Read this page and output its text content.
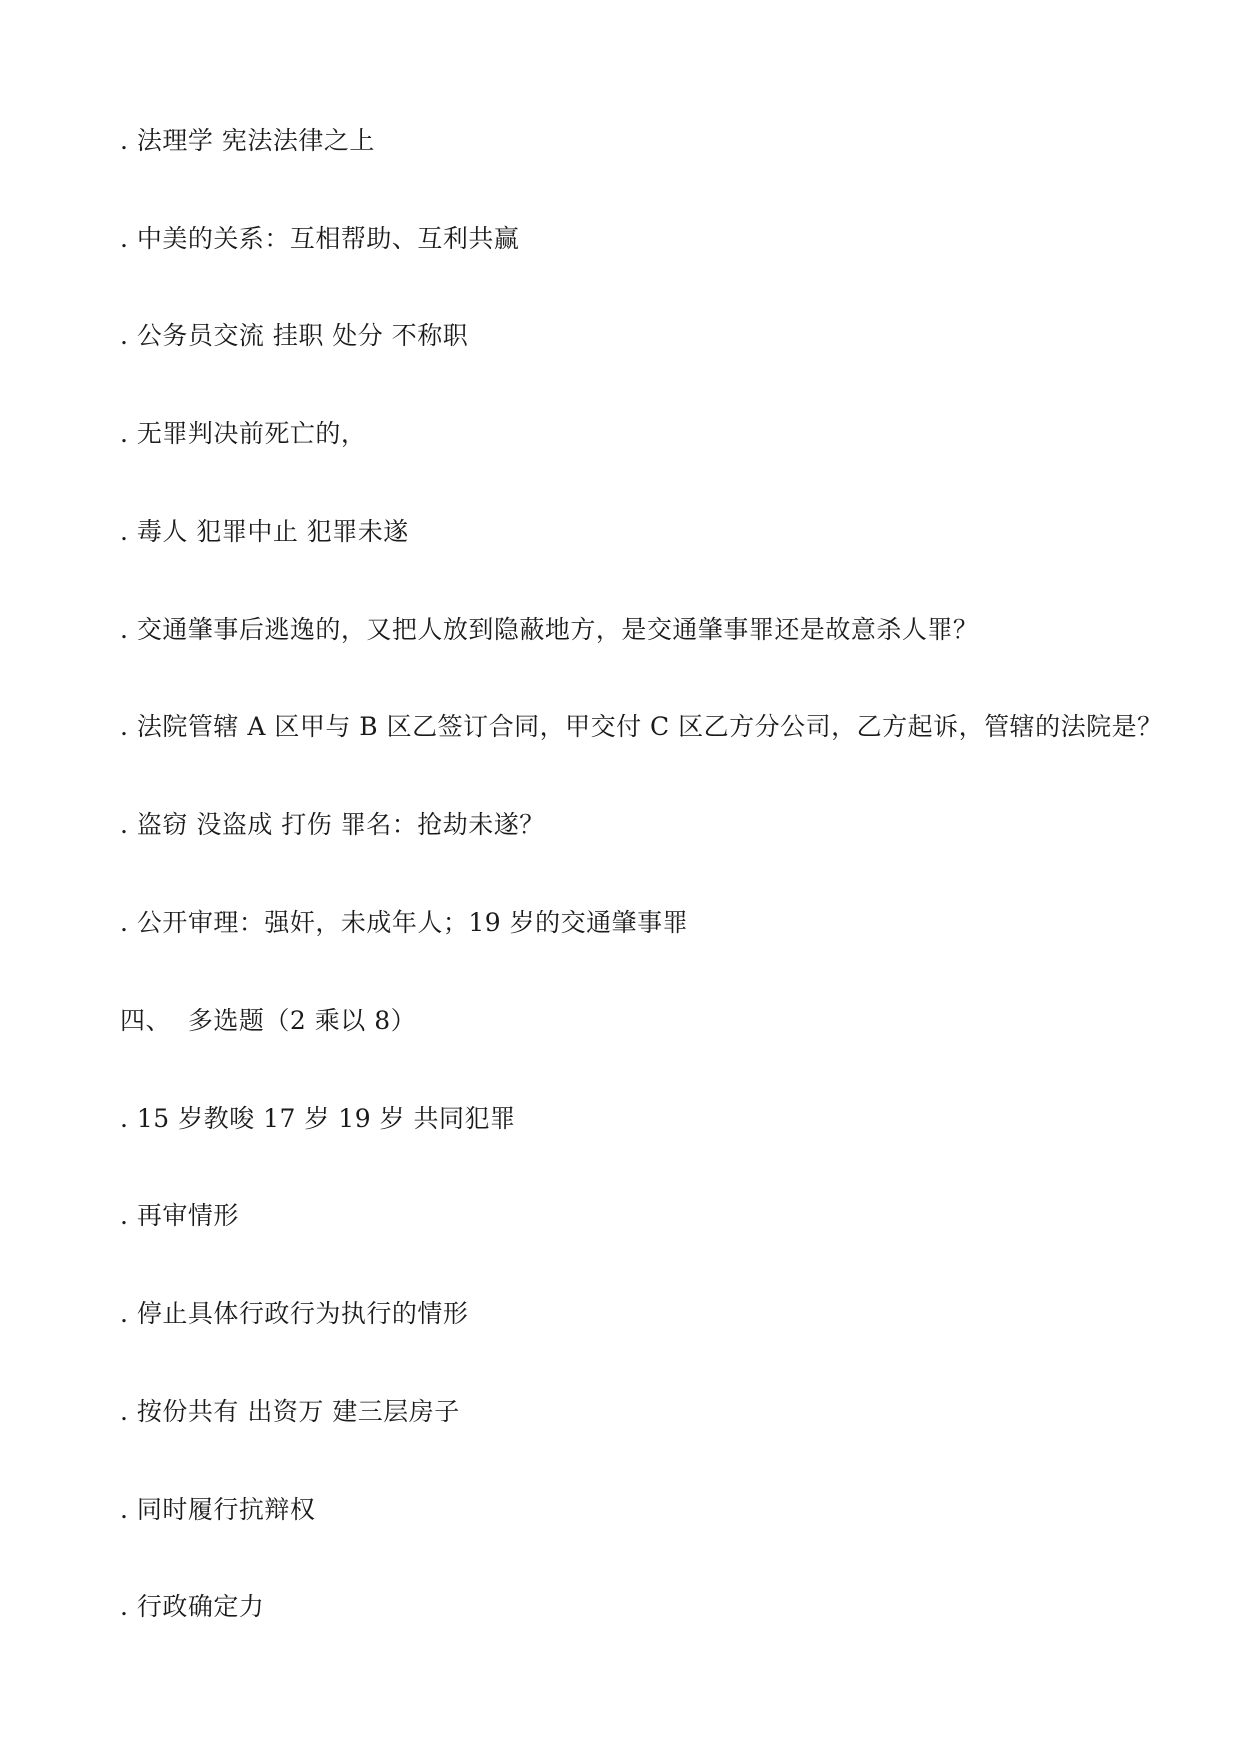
. 法理学 宪法法律之上
. 中美的关系：互相帮助、互利共赢
. 公务员交流 挂职 处分 不称职
. 无罪判决前死亡的，
. 毒人 犯罪中止 犯罪未遂
. 交通肇事后逃逸的，又把人放到隐蔽地方，是交通肇事罪还是故意杀人罪？
. 法院管辖 A 区甲与 B 区乙签订合同，甲交付 C 区乙方分公司，乙方起诉，管辖的法院是？
. 盗窃 没盗成 打伤 罪名：抢劫未遂？
. 公开审理：强奸，未成年人；19 岁的交通肇事罪
四、  多选题（2 乘以 8）
. 15 岁教唆 17 岁 19 岁 共同犯罪
. 再审情形
. 停止具体行政行为执行的情形
. 按份共有 出资万 建三层房子
. 同时履行抗辩权
. 行政确定力
